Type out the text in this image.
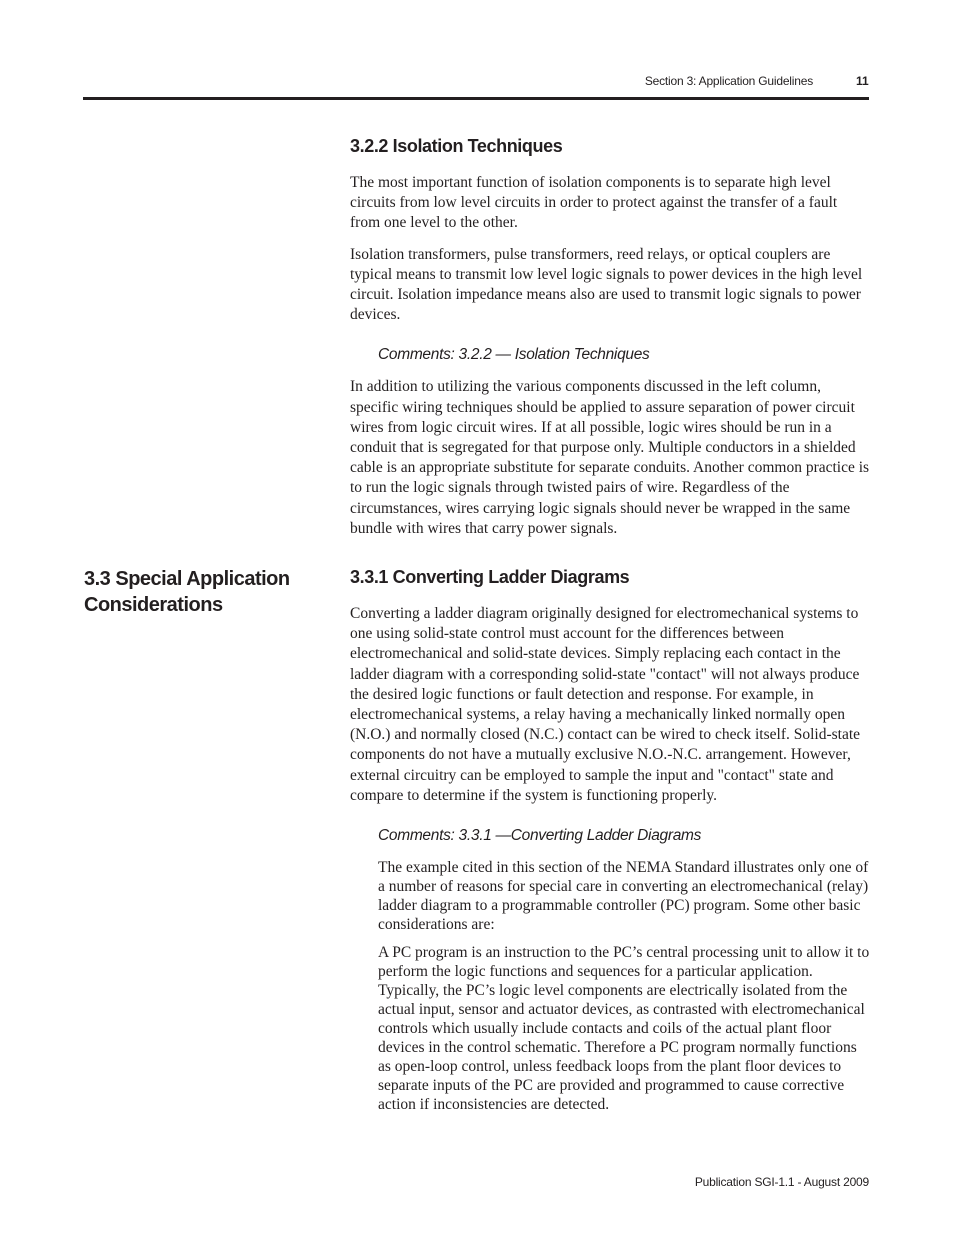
Section 3: Application Guidelines	11
3.3 Special Application Considerations
3.2.2 Isolation Techniques

The most important function of isolation components is to separate high level circuits from low level circuits in order to protect against the transfer of a fault from one level to the other.

Isolation transformers, pulse transformers, reed relays, or optical couplers are typical means to transmit low level logic signals to power devices in the high level circuit. Isolation impedance means also are used to transmit logic signals to power devices.

Comments: 3.2.2 — Isolation Techniques

In addition to utilizing the various components discussed in the left column, specific wiring techniques should be applied to assure separation of power circuit wires from logic circuit wires. If at all possible, logic wires should be run in a conduit that is segregated for that purpose only. Multiple conductors in a shielded cable is an appropriate substitute for separate conduits. Another common practice is to run the logic signals through twisted pairs of wire. Regardless of the circumstances, wires carrying logic signals should never be wrapped in the same bundle with wires that carry power signals.

3.3.1 Converting Ladder Diagrams

Converting a ladder diagram originally designed for electromechanical systems to one using solid-state control must account for the differences between electromechanical and solid-state devices. Simply replacing each contact in the ladder diagram with a corresponding solid-state "contact" will not always produce the desired logic functions or fault detection and response. For example, in electromechanical systems, a relay having a mechanically linked normally open (N.O.) and normally closed (N.C.) contact can be wired to check itself. Solid-state components do not have a mutually exclusive N.O.-N.C. arrangement. However, external circuitry can be employed to sample the input and "contact" state and compare to determine if the system is functioning properly.

Comments: 3.3.1 —Converting Ladder Diagrams

The example cited in this section of the NEMA Standard illustrates only one of a number of reasons for special care in converting an electromechanical (relay) ladder diagram to a programmable controller (PC) program. Some other basic considerations are:

A PC program is an instruction to the PC’s central processing unit to allow it to perform the logic functions and sequences for a particular application. Typically, the PC’s logic level components are electrically isolated from the actual input, sensor and actuator devices, as contrasted with electromechanical controls which usually include contacts and coils of the actual plant floor devices in the control schematic. Therefore a PC program normally functions as open-loop control, unless feedback loops from the plant floor devices to separate inputs of the PC are provided and programmed to cause corrective action if inconsistencies are detected.

Publication SGI-1.1 - August 2009
